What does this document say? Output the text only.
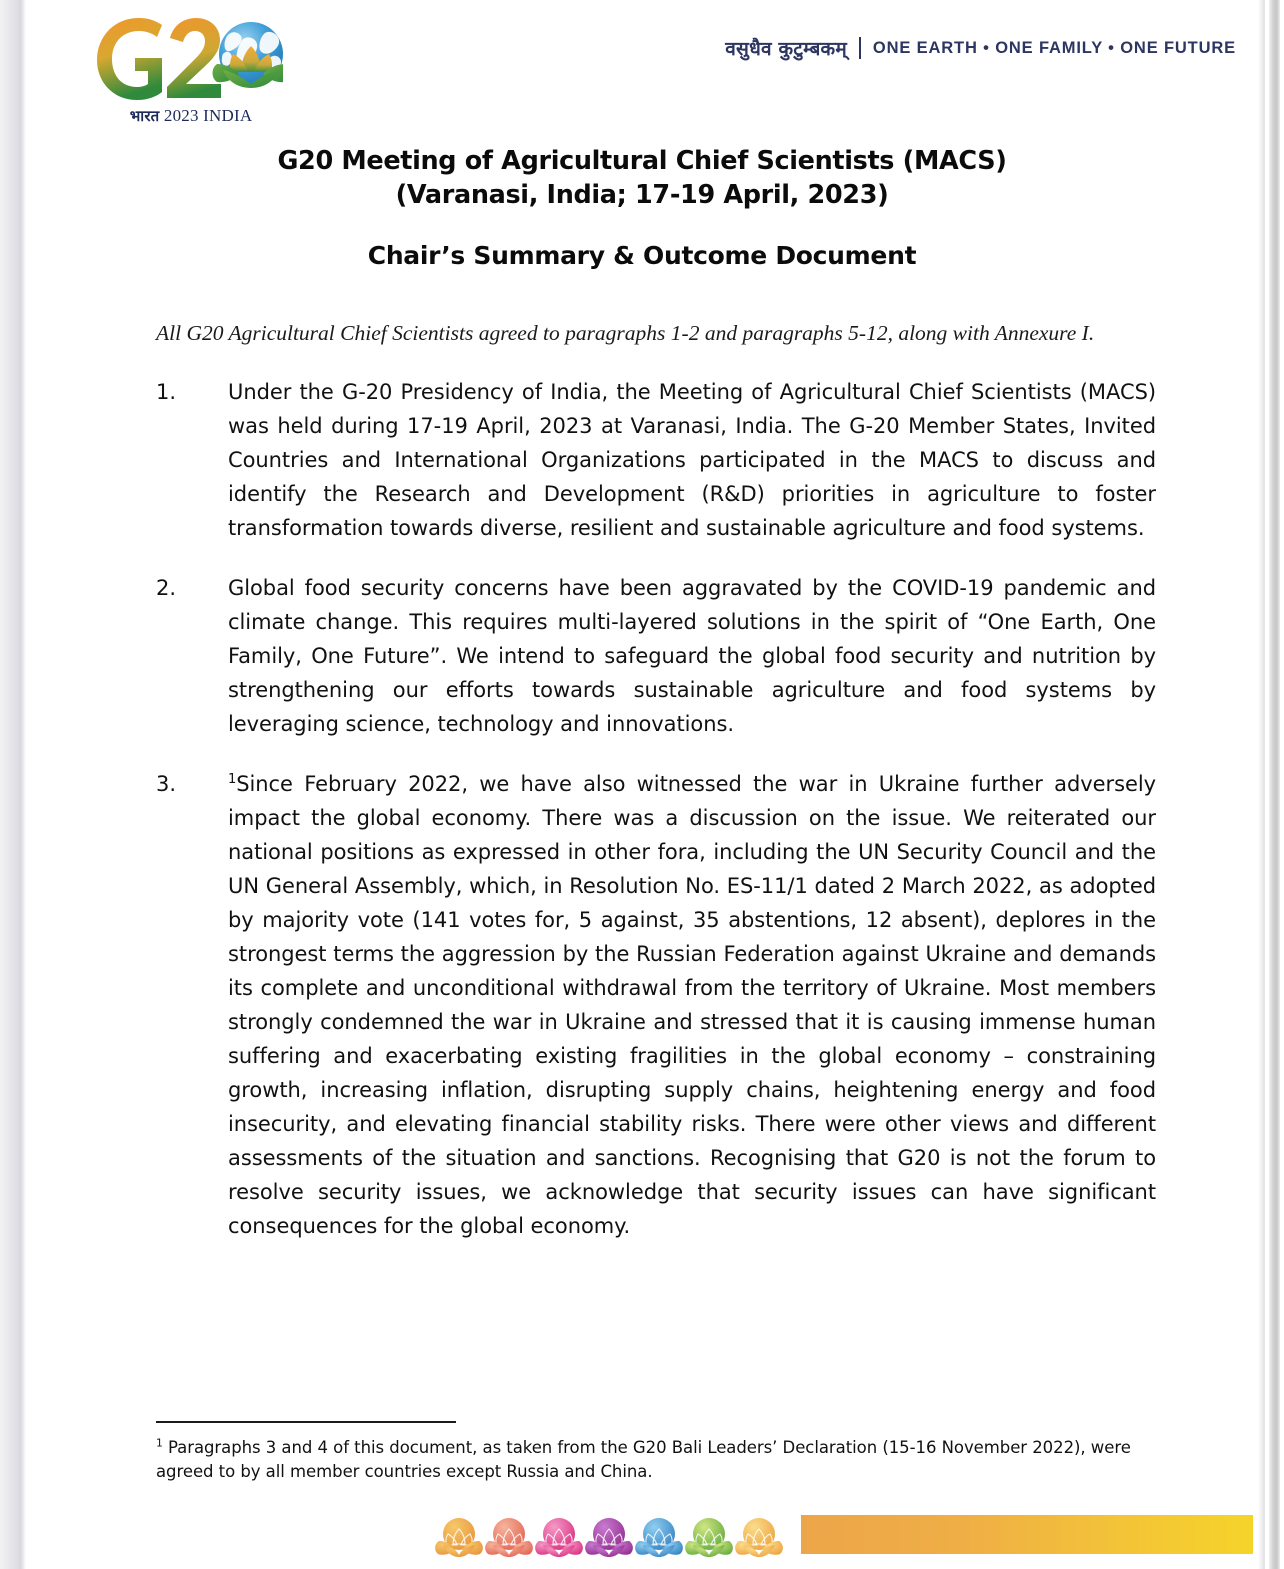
भारत 2023 INDIA
वसुधैव कुटुम्बकम् ONE EARTH • ONE FAMILY • ONE FUTURE
G20 Meeting of Agricultural Chief Scientists (MACS)
(Varanasi, India; 17-19 April, 2023)
Chair’s Summary & Outcome Document
All G20 Agricultural Chief Scientists agreed to paragraphs 1-2 and paragraphs 5-12, along with Annexure I.
1.	Under the G-20 Presidency of India, the Meeting of Agricultural Chief Scientists (MACS) was held during 17-19 April, 2023 at Varanasi, India. The G-20 Member States, Invited Countries and International Organizations participated in the MACS to discuss and identify the Research and Development (R&D) priorities in agriculture to foster transformation towards diverse, resilient and sustainable agriculture and food systems.
2.	Global food security concerns have been aggravated by the COVID-19 pandemic and climate change. This requires multi-layered solutions in the spirit of “One Earth, One Family, One Future”. We intend to safeguard the global food security and nutrition by strengthening our efforts towards sustainable agriculture and food systems by leveraging science, technology and innovations.
3.	$^1$Since February 2022, we have also witnessed the war in Ukraine further adversely impact the global economy. There was a discussion on the issue. We reiterated our national positions as expressed in other fora, including the UN Security Council and the UN General Assembly, which, in Resolution No. ES-11/1 dated 2 March 2022, as adopted by majority vote (141 votes for, 5 against, 35 abstentions, 12 absent), deplores in the strongest terms the aggression by the Russian Federation against Ukraine and demands its complete and unconditional withdrawal from the territory of Ukraine. Most members strongly condemned the war in Ukraine and stressed that it is causing immense human suffering and exacerbating existing fragilities in the global economy – constraining growth, increasing inflation, disrupting supply chains, heightening energy and food insecurity, and elevating financial stability risks. There were other views and different assessments of the situation and sanctions. Recognising that G20 is not the forum to resolve security issues, we acknowledge that security issues can have significant consequences for the global economy.
$^1$ Paragraphs 3 and 4 of this document, as taken from the G20 Bali Leaders’ Declaration (15-16 November 2022), were agreed to by all member countries except Russia and China.
